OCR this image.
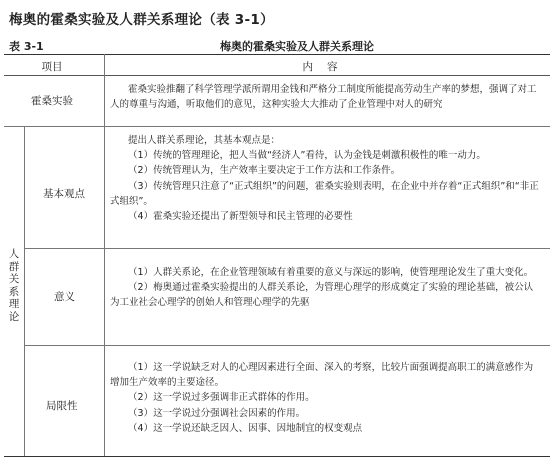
梅奥的霍桑实验及人群关系理论（表 3-1）
表 3-1	梅奥的霍桑实验及人群关系理论
项目	内容
霍桑实验

霍桑实验推翻了科学管理学派所谓用金钱和严格分工制度所能提高劳动生产率的梦想，强调了对工人的尊重与沟通，听取他们的意见，这种实验大大推动了企业管理中对人的研究

人群关系理论
基本观点

提出人群关系理论，其基本观点是：

（1）传统的管理理论，把人当做“经济人”看待，认为金钱是刺激积极性的唯一动力。

（2）传统管理认为，生产效率主要决定于工作方法和工作条件。

（3）传统管理只注意了“正式组织”的问题，霍桑实验则表明，在企业中并存着“正式组织”和“非正式组织”。

（4）霍桑实验还提出了新型领导和民主管理的必要性

意义

（1）人群关系论，在企业管理领域有着重要的意义与深远的影响，使管理理论发生了重大变化。

（2）梅奥通过霍桑实验提出的人群关系论，为管理心理学的形成奠定了实验的理论基础，被公认为工业社会心理学的创始人和管理心理学的先驱

局限性

（1）这一学说缺乏对人的心理因素进行全面、深入的考察，比较片面强调提高职工的满意感作为增加生产效率的主要途径。

（2）这一学说过多强调非正式群体的作用。

（3）这一学说过分强调社会因素的作用。

（4）这一学说还缺乏因人、因事、因地制宜的权变观点
